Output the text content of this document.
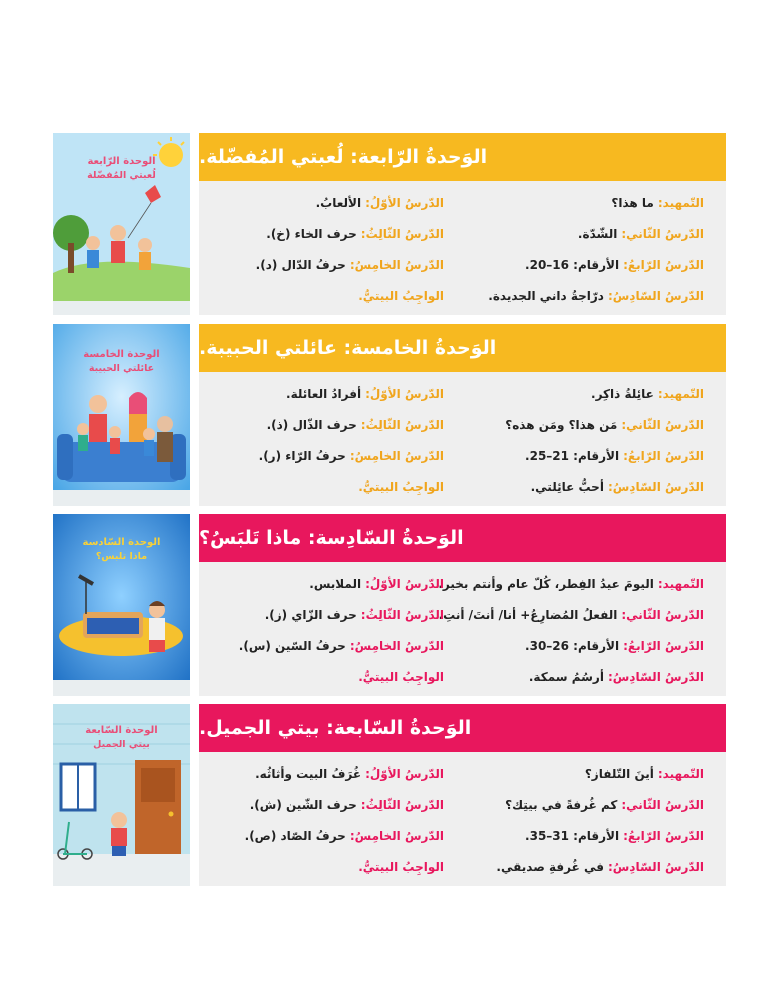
الوحدة الرّابعة
لُعبتي المُفضّلة
الوَحدةُ الرّابعة: لُعبتي المُفضّلة.
التّمهيد:ما هذا؟
الدّرسُ الثّاني:الشّدّة.
الدّرسُ الرّابعُ:الأرقام: 16–20.
الدّرسُ السّادِسُ:درّاجةُ داني الجديدة.
الدّرسُ الأوّلُ:الألعابُ.
الدّرسُ الثّالِثُ:حرف الخاء (خ).
الدّرسُ الخامِسُ:حرفُ الدّال (د).
الواجِبُ البيتيُّ.
الوحدة الخامسة
عائلتي الحبيبة
الوَحدةُ الخامسة: عائلتي الحبيبة.
التّمهيد:عائِلةُ ذاكِر.
الدّرسُ الثّاني:مَن هذا؟ ومَن هذه؟
الدّرسُ الرّابعُ:الأرقام: 21–25.
الدّرسُ السّادِسُ:أحبُّ عائِلتي.
الدّرسُ الأوّلُ:أفرادُ العائلة.
الدّرسُ الثّالِثُ:حرف الذّال (ذ).
الدّرسُ الخامِسُ:حرفُ الرّاء (ر).
الواجِبُ البيتيُّ.
الوحدة السّادسة
ماذا تلبس؟
الوَحدةُ السّادِسة: ماذا تَلبَسُ؟
التّمهيد:اليومَ عيدُ الفِطر، كُلّ عام وأنتم بخير.
الدّرسُ الثّاني:الفعلُ المُضارِعُ+ أنا/ أنتَ/ أنتِ.
الدّرسُ الرّابعُ:الأرقام: 26–30.
الدّرسُ السّادِسُ:أرسُمُ سمكة.
الدّرسُ الأوّلُ:الملابس.
الدّرسُ الثّالِثُ:حرف الزّاي (ز).
الدّرسُ الخامِسُ:حرفُ السّين (س).
الواجِبُ البيتيُّ.
الوحدة السّابعة
بيتي الجميل
الوَحدةُ السّابعة: بيتي الجميل.
التّمهيد:أينَ التّلفاز؟
الدّرسُ الثّاني:كم غُرفةً في بيتِك؟
الدّرسُ الرّابعُ:الأرقام: 31–35.
الدّرسُ السّادِسُ:في غُرفةِ صديقي.
الدّرسُ الأوّلُ:غُرَفُ البيت وأثاثُه.
الدّرسُ الثّالِثُ:حرف الشّين (ش).
الدّرسُ الخامِسُ:حرفُ الصّاد (ص).
الواجِبُ البيتيُّ.
